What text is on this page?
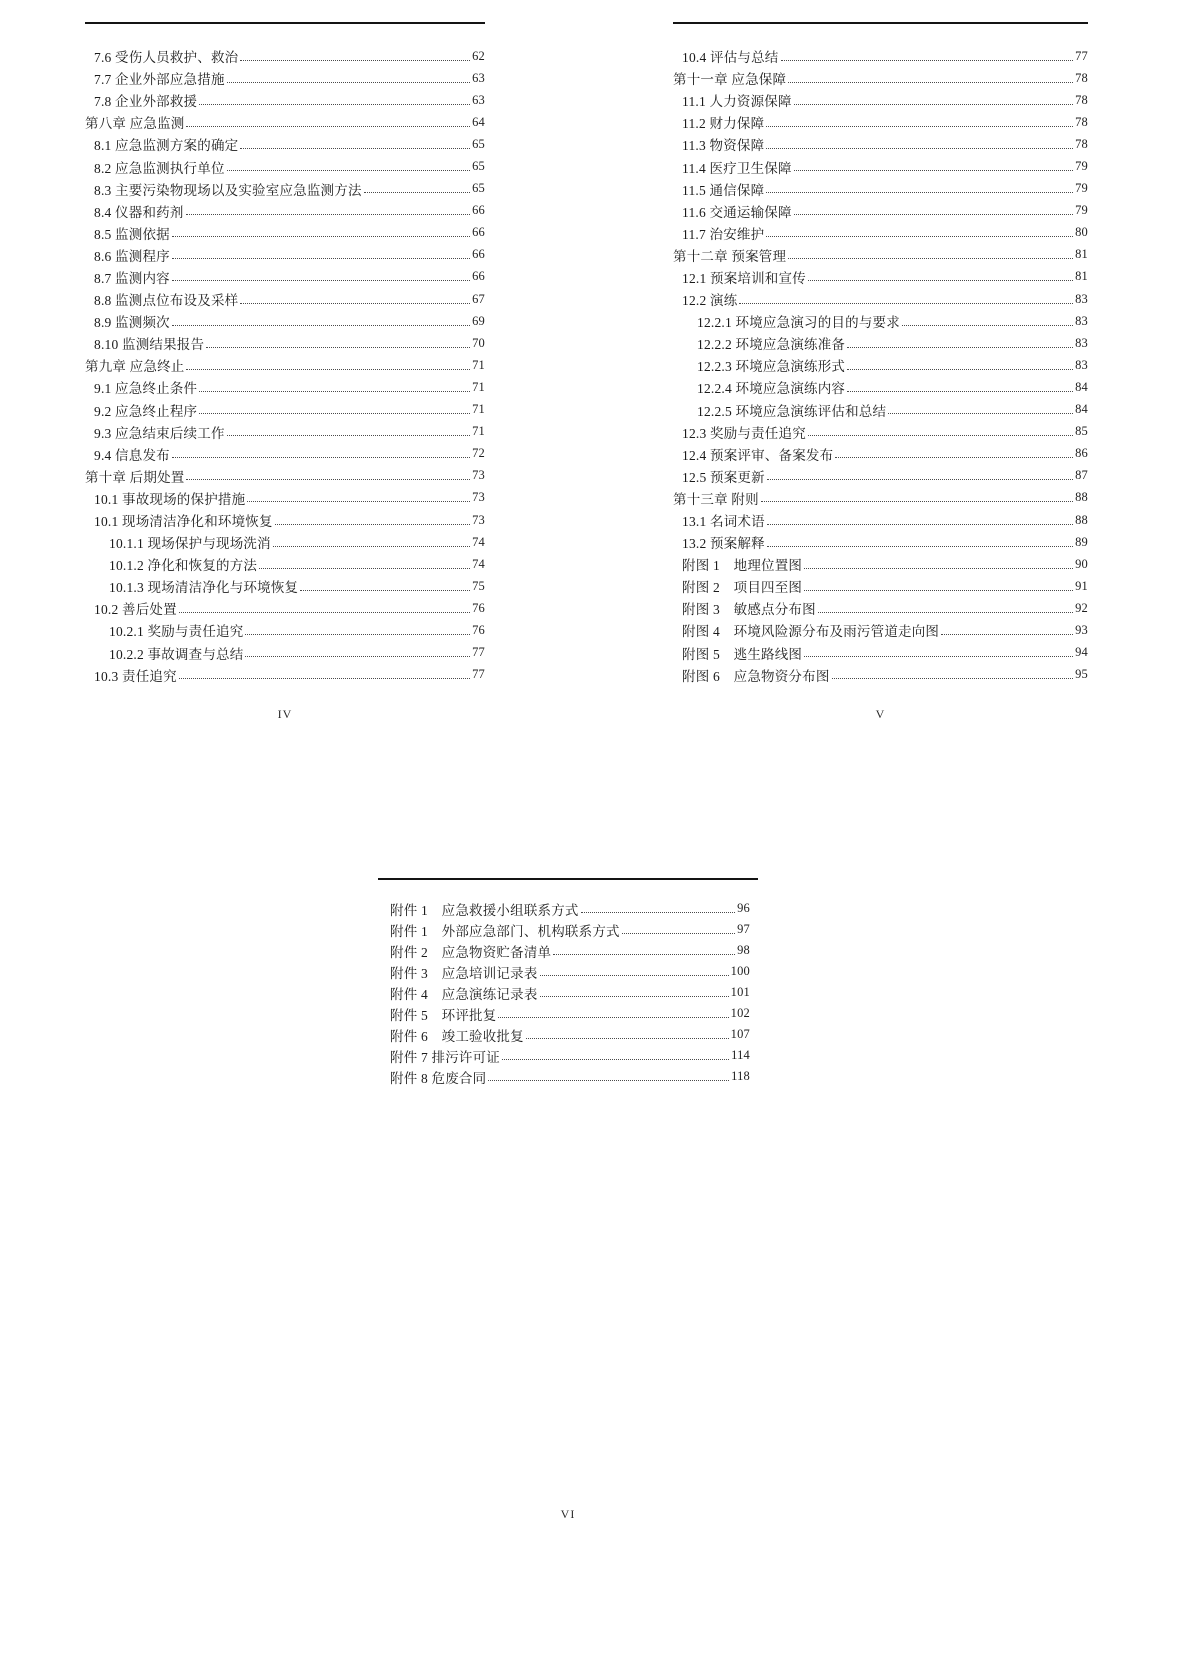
7.6 受伤人员救护、救治	62
7.7 企业外部应急措施	63
7.8 企业外部救援	63
第八章 应急监测	64
8.1 应急监测方案的确定	65
8.2 应急监测执行单位	65
8.3 主要污染物现场以及实验室应急监测方法	65
8.4 仪器和药剂	66
8.5 监测依据	66
8.6 监测程序	66
8.7 监测内容	66
8.8 监测点位布设及采样	67
8.9 监测频次	69
8.10 监测结果报告	70
第九章 应急终止	71
9.1 应急终止条件	71
9.2 应急终止程序	71
9.3 应急结束后续工作	71
9.4 信息发布	72
第十章 后期处置	73
10.1 事故现场的保护措施	73
10.1 现场清洁净化和环境恢复	73
10.1.1 现场保护与现场洗消	74
10.1.2 净化和恢复的方法	74
10.1.3 现场清洁净化与环境恢复	75
10.2 善后处置	76
10.2.1 奖励与责任追究	76
10.2.2 事故调查与总结	77
10.3 责任追究	77
IV
10.4 评估与总结	77
第十一章 应急保障	78
11.1 人力资源保障	78
11.2 财力保障	78
11.3 物资保障	78
11.4 医疗卫生保障	79
11.5 通信保障	79
11.6 交通运输保障	79
11.7 治安维护	80
第十二章 预案管理	81
12.1 预案培训和宣传	81
12.2 演练	83
12.2.1 环境应急演习的目的与要求	83
12.2.2 环境应急演练准备	83
12.2.3 环境应急演练形式	83
12.2.4 环境应急演练内容	84
12.2.5 环境应急演练评估和总结	84
12.3 奖励与责任追究	85
12.4 预案评审、备案发布	86
12.5 预案更新	87
第十三章 附则	88
13.1 名词术语	88
13.2 预案解释	89
附图 1　地理位置图	90
附图 2　项目四至图	91
附图 3　敏感点分布图	92
附图 4　环境风险源分布及雨污管道走向图	93
附图 5　逃生路线图	94
附图 6　应急物资分布图	95
V
附件 1　应急救援小组联系方式	96
附件 1　外部应急部门、机构联系方式	97
附件 2　应急物资贮备清单	98
附件 3　应急培训记录表	100
附件 4　应急演练记录表	101
附件 5　环评批复	102
附件 6　竣工验收批复	107
附件 7 排污许可证	114
附件 8 危废合同	118
VI
